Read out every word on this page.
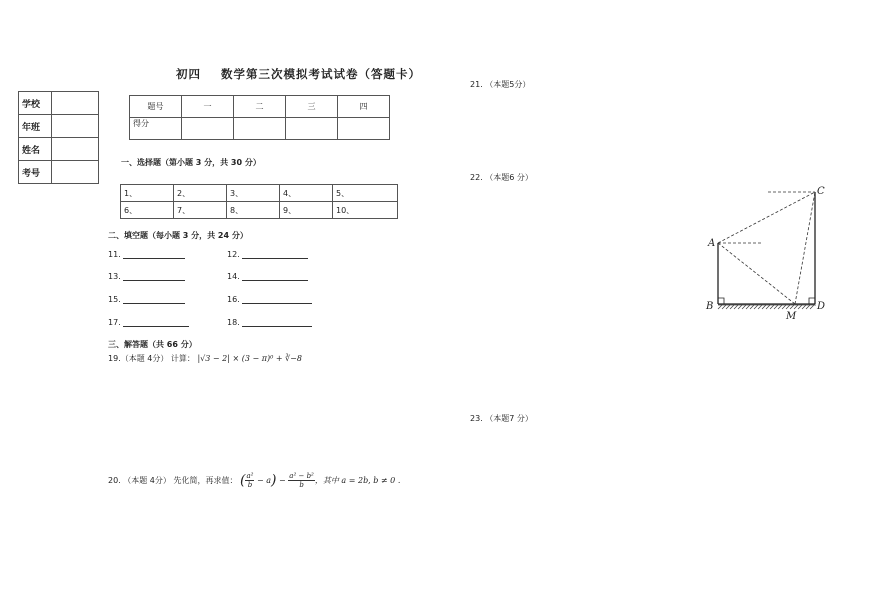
初四 数学第三次模拟考试试卷（答题卡）
学校	
年班	
姓名	
考号	
题号	一	二	三	四
得分				
一、选择题（第小题 3 分，共 30 分）
1、	2、	3、	4、	5、
6、	7、	8、	9、	10、
二、填空题（每小题 3 分，共 24 分）
11.	12.
13.	14.
15.	16.
17.	18.
三、解答题（共 66 分）
19.（本题 4分） 计算： |√3 − 2| × (3 − π)⁰ + ∛−8
20. （本题 4分） 先化简，再求值： ( $\frac{\text{a²}}{b} - a) - \frac{\text{a² − b²}}{b}$ ，其中 a = 2b, b ≠ 0 .
21. （本题5分）
22. （本题6 分）
23. （本题7 分）
A
B
C
D
M
